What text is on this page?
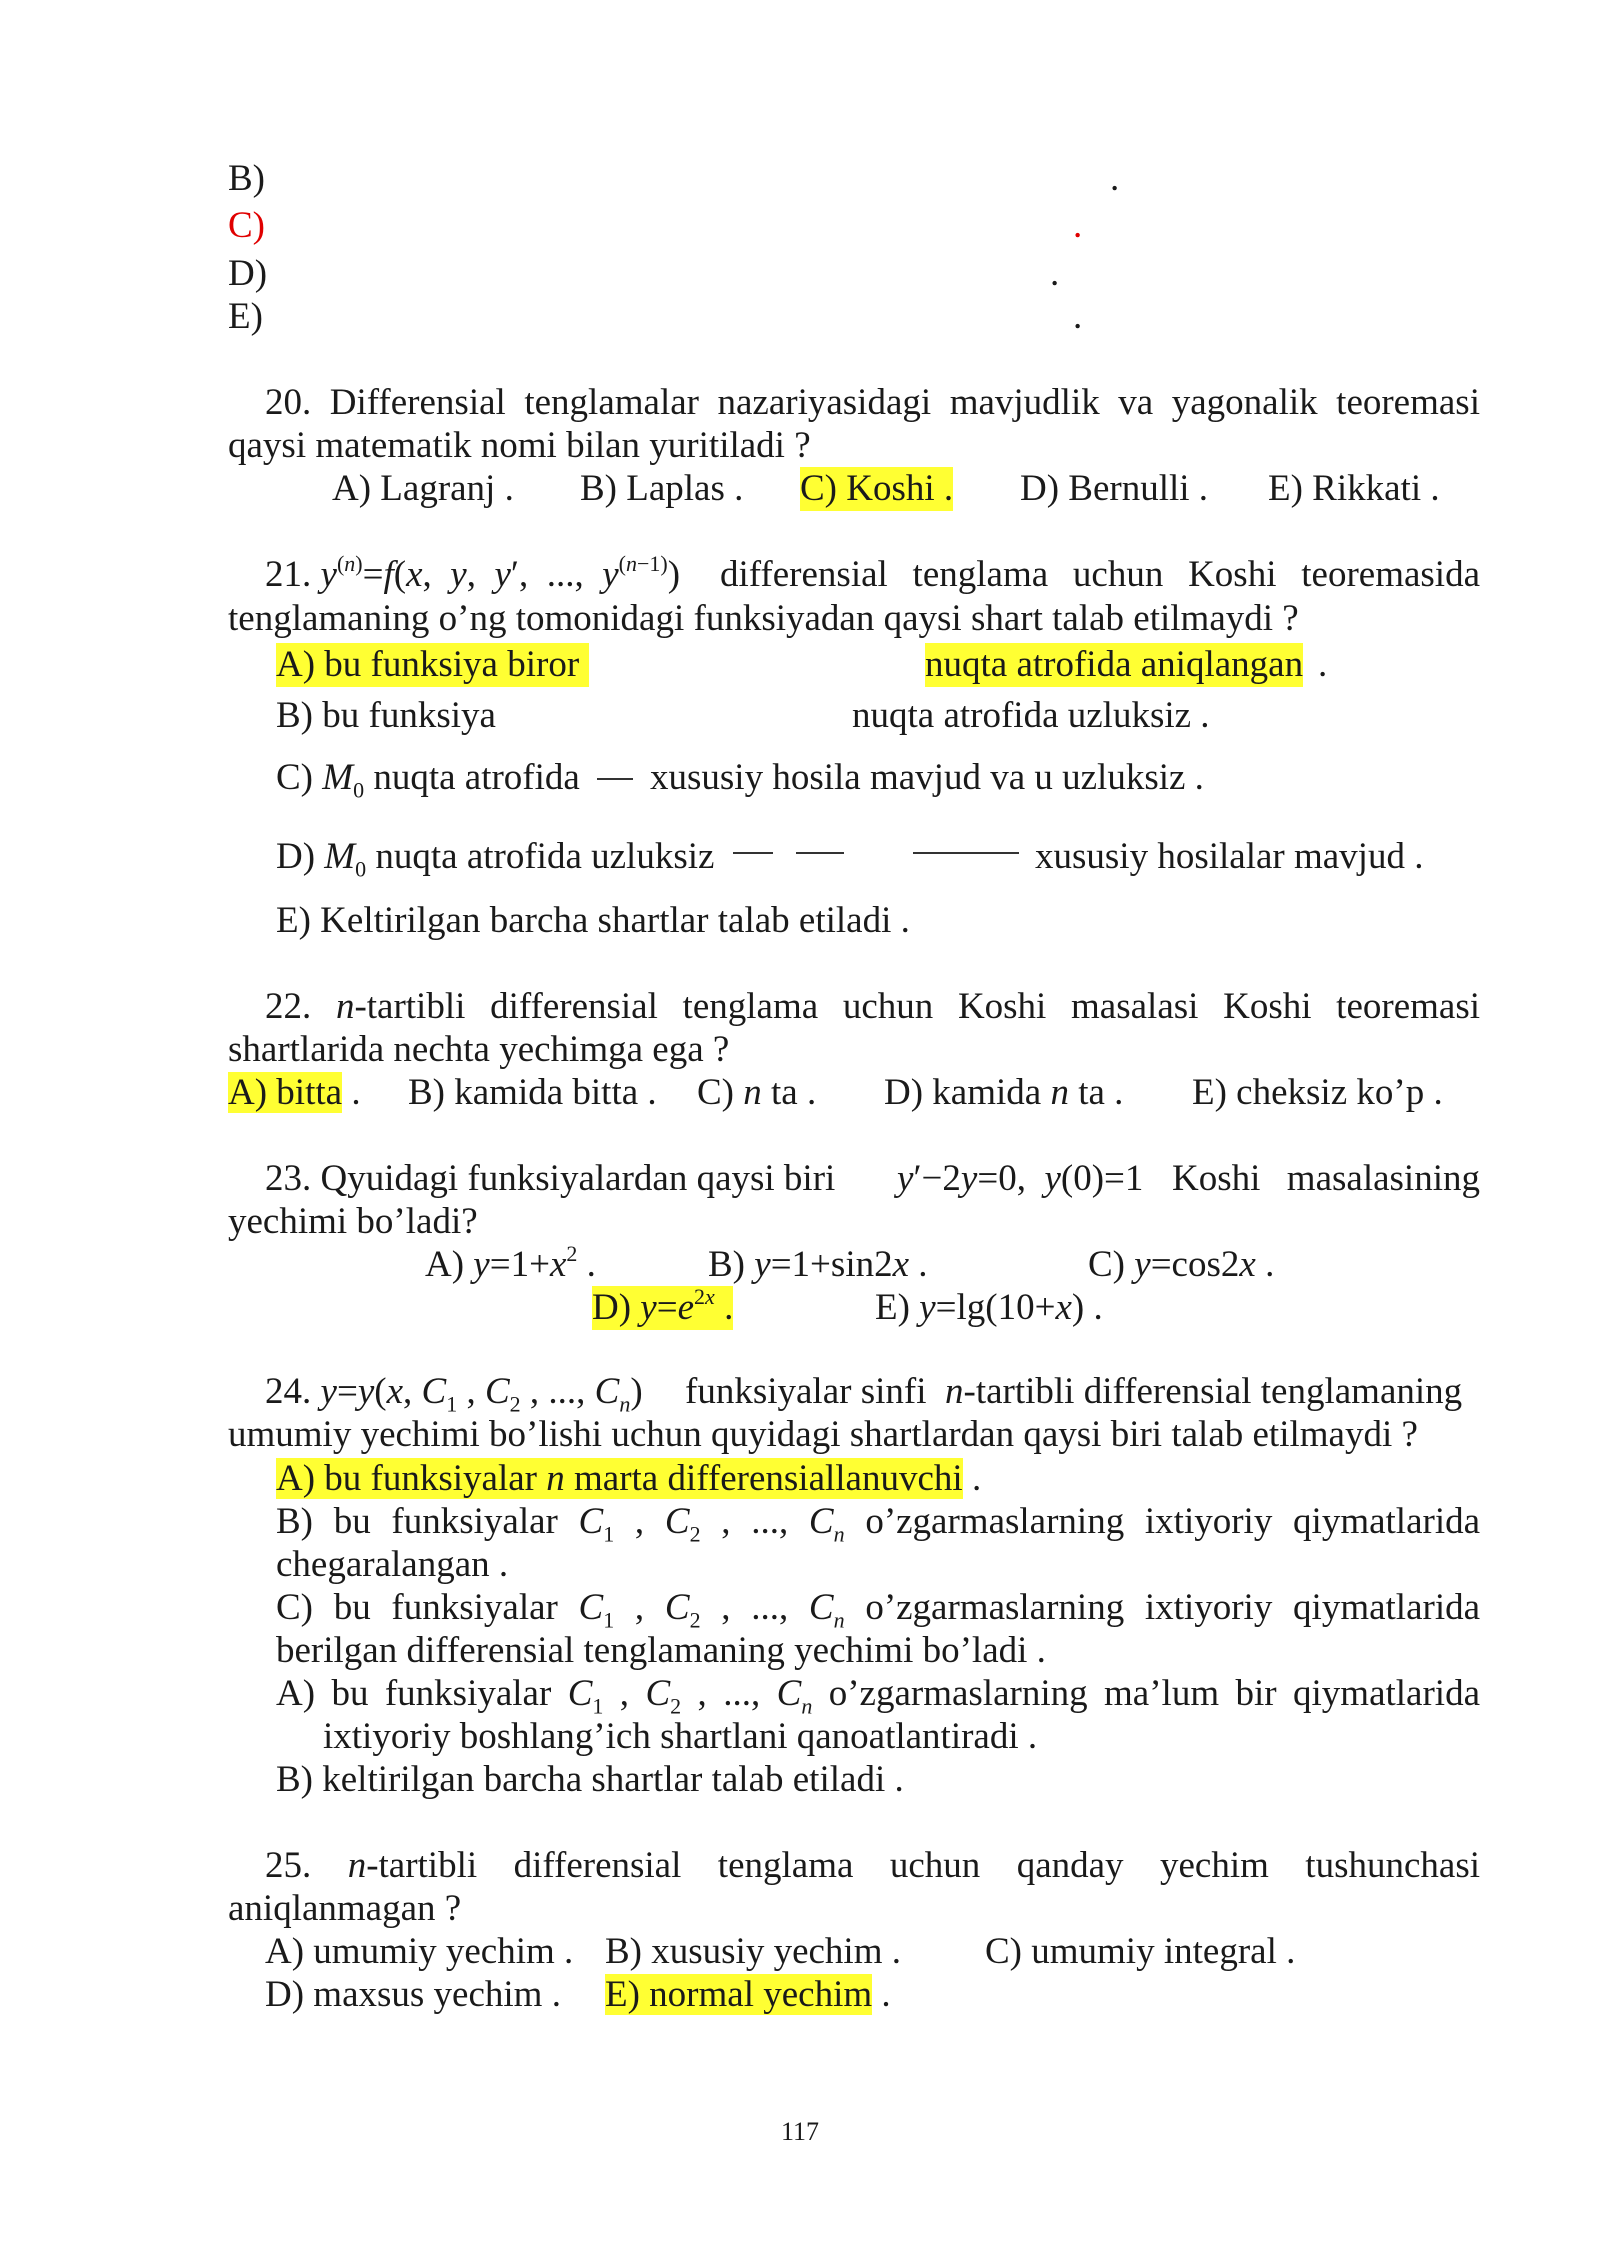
B)	.
C)	.
D)	.
E)	.
20. Differensial tenglamalar nazariyasidagi mavjudlik va yagonalik teoremasi
qaysi matematik nomi bilan yuritiladi ?
A) Lagranj . B) Laplas . C) Koshi . D) Bernulli . E) Rikkati .
21. $y^{(n)}=f(x$,  y,  y′,  ...,  $y^{(n-1)}$) differensial tenglama uchun Koshi teoremasida
tenglamaning o’ng tomonidagi funksiyadan qaysi shart talab etilmaydi ?
A) bu funksiya biror	nuqta atrofida aniqlangan .
B) bu funksiya	nuqta atrofida uzluksiz .
C) $M_0$ nuqta atrofida xususiy hosila mavjud va u uzluksiz .
D) $M_0$ nuqta atrofida uzluksiz	xususiy hosilalar mavjud .
E) Keltirilgan barcha shartlar talab etiladi .
22. n-tartibli differensial tenglama uchun Koshi masalasi Koshi teoremasi
shartlarida nechta yechimga ega ?
A) bitta . B) kamida bitta . C) n ta . D) kamida n ta . E) cheksiz ko’p .
23. Qyuidagi funksiyalardan qaysi biri y′−2y=0,  y(0)=1 Koshi masalasining
yechimi bo’ladi?
A) $y=1+x^2$ .	B) y=1+sin2x .	C) y=cos2x .
D) $y=e^{2x}$ .	E) y=lg(10+x) .
24. y=y(x, $C_1$ , $C_2$ , ..., $C_n$) funksiyalar sinfi n-tartibli differensial tenglamaning
umumiy yechimi bo’lishi uchun quyidagi shartlardan qaysi biri talab etilmaydi ?
A) bu funksiyalar n marta differensiallanuvchi .
B) bu funksiyalar $C_1$ , $C_2$ , ..., $C_n$ o’zgarmaslarning ixtiyoriy qiymatlarida
chegaralangan .
C) bu funksiyalar $C_1$ , $C_2$ , ..., $C_n$ o’zgarmaslarning ixtiyoriy qiymatlarida
berilgan differensial tenglamaning yechimi bo’ladi .
A) bu funksiyalar $C_1$ , $C_2$ , ..., $C_n$ o’zgarmaslarning ma’lum bir qiymatlarida
ixtiyoriy boshlang’ich shartlani qanoatlantiradi .
B) keltirilgan barcha shartlar talab etiladi .
25. n-tartibli differensial tenglama uchun qanday yechim tushunchasi
aniqlanmagan ?
A) umumiy yechim . B) xususiy yechim . C) umumiy integral .
D) maxsus yechim . E) normal yechim .
117
